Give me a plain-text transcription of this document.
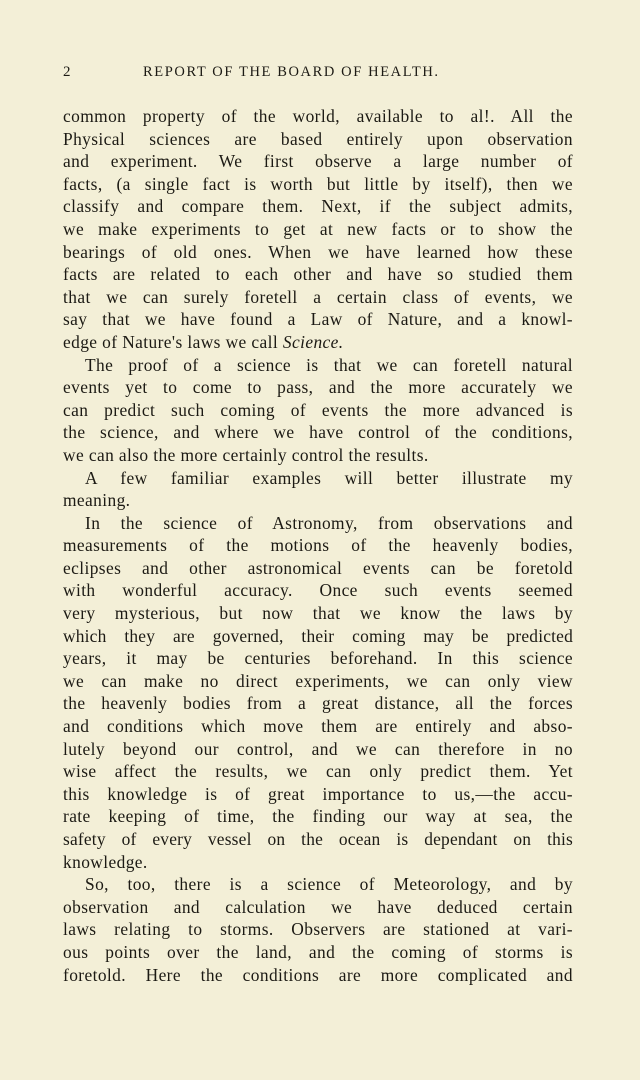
2	REPORT OF THE BOARD OF HEALTH.
common property of the world, available to al!. All the
Physical sciences are based entirely upon observation
and experiment. We first observe a large number of
facts, (a single fact is worth but little by itself), then we
classify and compare them. Next, if the subject admits,
we make experiments to get at new facts or to show the
bearings of old ones. When we have learned how these
facts are related to each other and have so studied them
that we can surely foretell a certain class of events, we
say that we have found a Law of Nature, and a knowl-
edge of Nature's laws we call Science.
The proof of a science is that we can foretell natural
events yet to come to pass, and the more accurately we
can predict such coming of events the more advanced is
the science, and where we have control of the conditions,
we can also the more certainly control the results.
A few familiar examples will better illustrate my
meaning.
In the science of Astronomy, from observations and
measurements of the motions of the heavenly bodies,
eclipses and other astronomical events can be foretold
with wonderful accuracy. Once such events seemed
very mysterious, but now that we know the laws by
which they are governed, their coming may be predicted
years, it may be centuries beforehand. In this science
we can make no direct experiments, we can only view
the heavenly bodies from a great distance, all the forces
and conditions which move them are entirely and abso-
lutely beyond our control, and we can therefore in no
wise affect the results, we can only predict them. Yet
this knowledge is of great importance to us,—the accu-
rate keeping of time, the finding our way at sea, the
safety of every vessel on the ocean is dependant on this
knowledge.
So, too, there is a science of Meteorology, and by
observation and calculation we have deduced certain
laws relating to storms. Observers are stationed at vari-
ous points over the land, and the coming of storms is
foretold. Here the conditions are more complicated and
